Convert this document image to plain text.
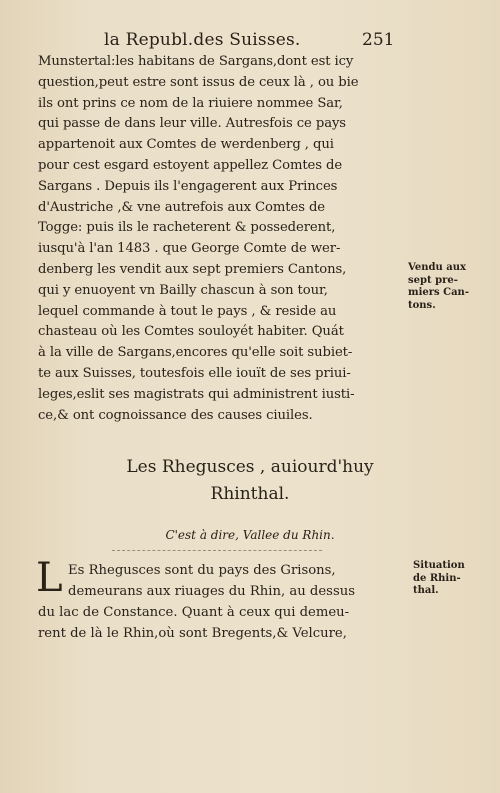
la Republ.des Suisses.	251
Munstertal:les habitans de Sargans,dont est icy
question,peut estre sont issus de ceux là , ou bie
ils ont prins ce nom de la riuiere nommee Sar,
qui passe de dans leur ville. Autresfois ce pays
appartenoit aux Comtes de werdenberg , qui
pour cest esgard estoyent appellez Comtes de
Sargans . Depuis ils l'engagerent aux Princes
d'Austriche ,& vne autrefois aux Comtes de
Togge: puis ils le racheterent & possederent,
iusqu'à l'an 1483 . que George Comte de wer-
denberg les vendit aux sept premiers Cantons,
qui y enuoyent vn Bailly chascun à son tour,
lequel commande à tout le pays , & reside au
chasteau où les Comtes souloyét habiter. Quát
à la ville de Sargans,encores qu'elle soit subiet-
te aux Suisses, toutesfois elle iouït de ses priui-
leges,eslit ses magistrats qui administrent iusti-
ce,& ont cognoissance des causes ciuiles.
Vendu aux
sept pre-
miers Can-
tons.
Les Rhegusces , auiourd'huy
Rhinthal.
C'est à dire, Vallee du Rhin.
L Es Rhegusces sont du pays des Grisons,
demeurans aux riuages du Rhin, au dessus
du lac de Constance. Quant à ceux qui demeu-
rent de là le Rhin,où sont Bregents,& Velcure,
Situation
de Rhin-
thal.
